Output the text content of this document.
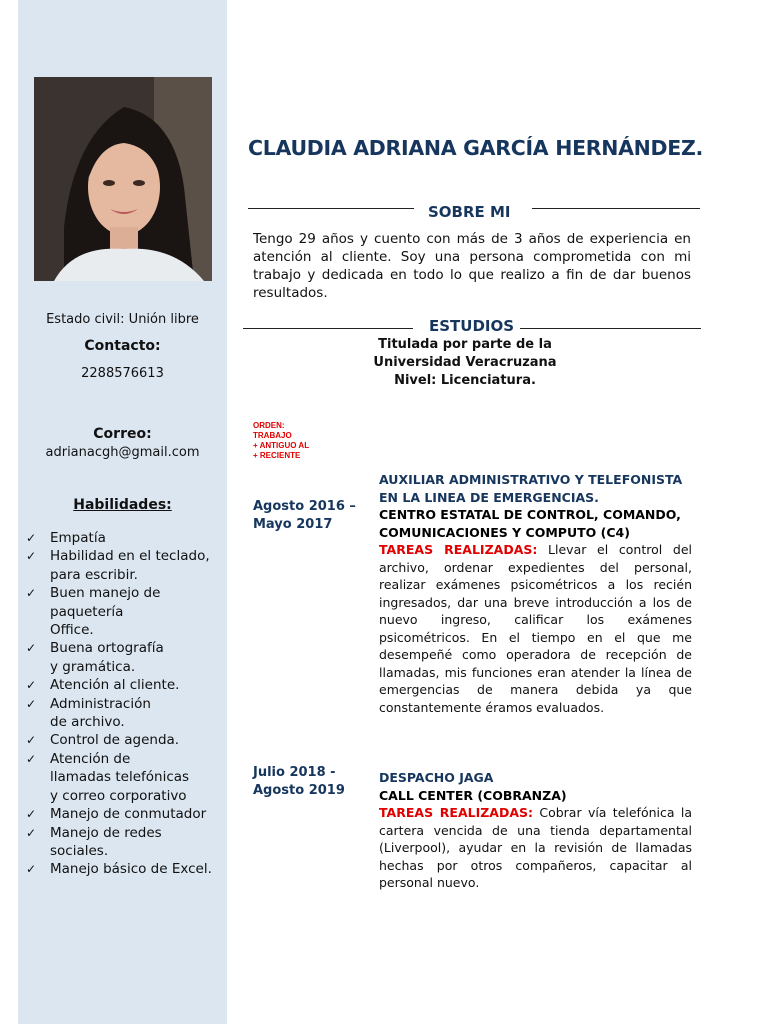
Estado civil: Unión libre
Contacto:
2288576613
Correo:
adrianacgh@gmail.com
Habilidades:
✓ Empatía
✓ Habilidad en el teclado,
para escribir.
✓ Buen manejo de
paquetería
Office.
✓ Buena ortografía
y gramática.
✓ Atención al cliente.
✓ Administración
de archivo.
✓ Control de agenda.
✓ Atención de
llamadas telefónicas
y correo corporativo
✓ Manejo de conmutador
✓ Manejo de redes
sociales.
✓ Manejo básico de Excel.
CLAUDIA ADRIANA GARCÍA HERNÁNDEZ.
SOBRE MI
Tengo 29 años y cuento con más de 3 años de experiencia en atención al cliente. Soy una persona comprometida con mi trabajo y dedicada en todo lo que realizo a fin de dar buenos resultados.
ESTUDIOS
Titulada por parte de la
Universidad Veracruzana
Nivel: Licenciatura.
ORDEN:
TRABAJO
+ ANTIGUO AL
+ RECIENTE
Agosto 2016 –
Mayo 2017
AUXILIAR ADMINISTRATIVO Y TELEFONISTA EN LA LINEA DE EMERGENCIAS.
CENTRO ESTATAL DE CONTROL, COMANDO, COMUNICACIONES Y COMPUTO (C4)
TAREAS REALIZADAS: Llevar el control del archivo, ordenar expedientes del personal, realizar exámenes psicométricos a los recién ingresados, dar una breve introducción a los de nuevo ingreso, calificar los exámenes psicométricos. En el tiempo en el que me desempeñé como operadora de recepción de llamadas, mis funciones eran atender la línea de emergencias de manera debida ya que constantemente éramos evaluados.
Julio 2018 -
Agosto 2019
DESPACHO JAGA
CALL CENTER (COBRANZA)
TAREAS REALIZADAS: Cobrar vía telefónica la cartera vencida de una tienda departamental (Liverpool), ayudar en la revisión de llamadas hechas por otros compañeros, capacitar al personal nuevo.
